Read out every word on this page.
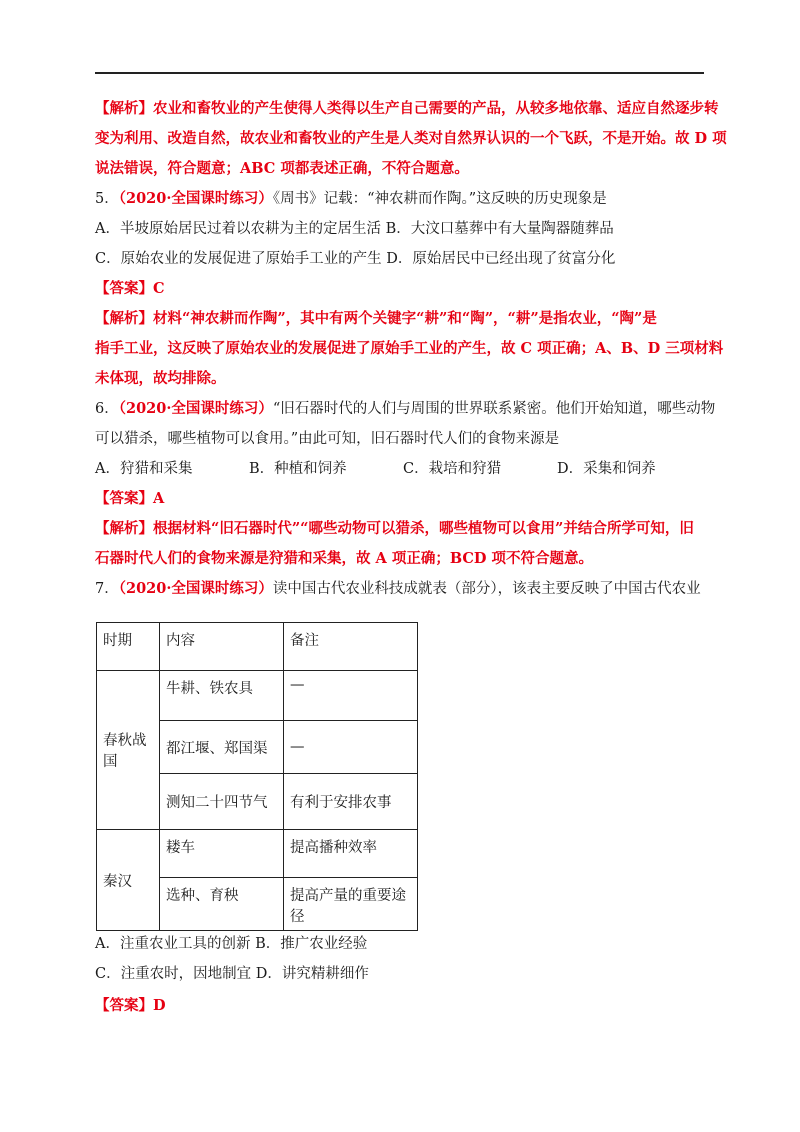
【解析】农业和畜牧业的产生使得人类得以生产自己需要的产品，从较多地依靠、适应自然逐步转
变为利用、改造自然，故农业和畜牧业的产生是人类对自然界认识的一个飞跃，不是开始。故 D 项
说法错误，符合题意；ABC 项都表述正确，不符合题意。
5．（2020·全国课时练习）《周书》记载：“神农耕而作陶。”这反映的历史现象是
A．半坡原始居民过着以农耕为主的定居生活 B．大汶口墓葬中有大量陶器随葬品
C．原始农业的发展促进了原始手工业的产生 D．原始居民中已经出现了贫富分化
【答案】C
【解析】材料“神农耕而作陶”，其中有两个关键字“耕”和“陶”，“耕”是指农业，“陶”是
指手工业，这反映了原始农业的发展促进了原始手工业的产生，故 C 项正确；A、B、D 三项材料
未体现，故均排除。
6．（2020·全国课时练习）“旧石器时代的人们与周围的世界联系紧密。他们开始知道，哪些动物
可以猎杀，哪些植物可以食用。”由此可知，旧石器时代人们的食物来源是
A．狩猎和采集	B．种植和饲养	C．栽培和狩猎	D．采集和饲养
【答案】A
【解析】根据材料“旧石器时代”“哪些动物可以猎杀，哪些植物可以食用”并结合所学可知，旧
石器时代人们的食物来源是狩猎和采集，故 A 项正确；BCD 项不符合题意。
7．（2020·全国课时练习）读中国古代农业科技成就表（部分），该表主要反映了中国古代农业
时期	内容	备注
春秋战国	牛耕、铁农具	—
	都江堰、郑国渠	—
	测知二十四节气	有利于安排农事
秦汉	耧车	提高播种效率
	选种、育秧	提高产量的重要途径
A．注重农业工具的创新 B．推广农业经验
C．注重农时，因地制宜 D．讲究精耕细作
【答案】D
